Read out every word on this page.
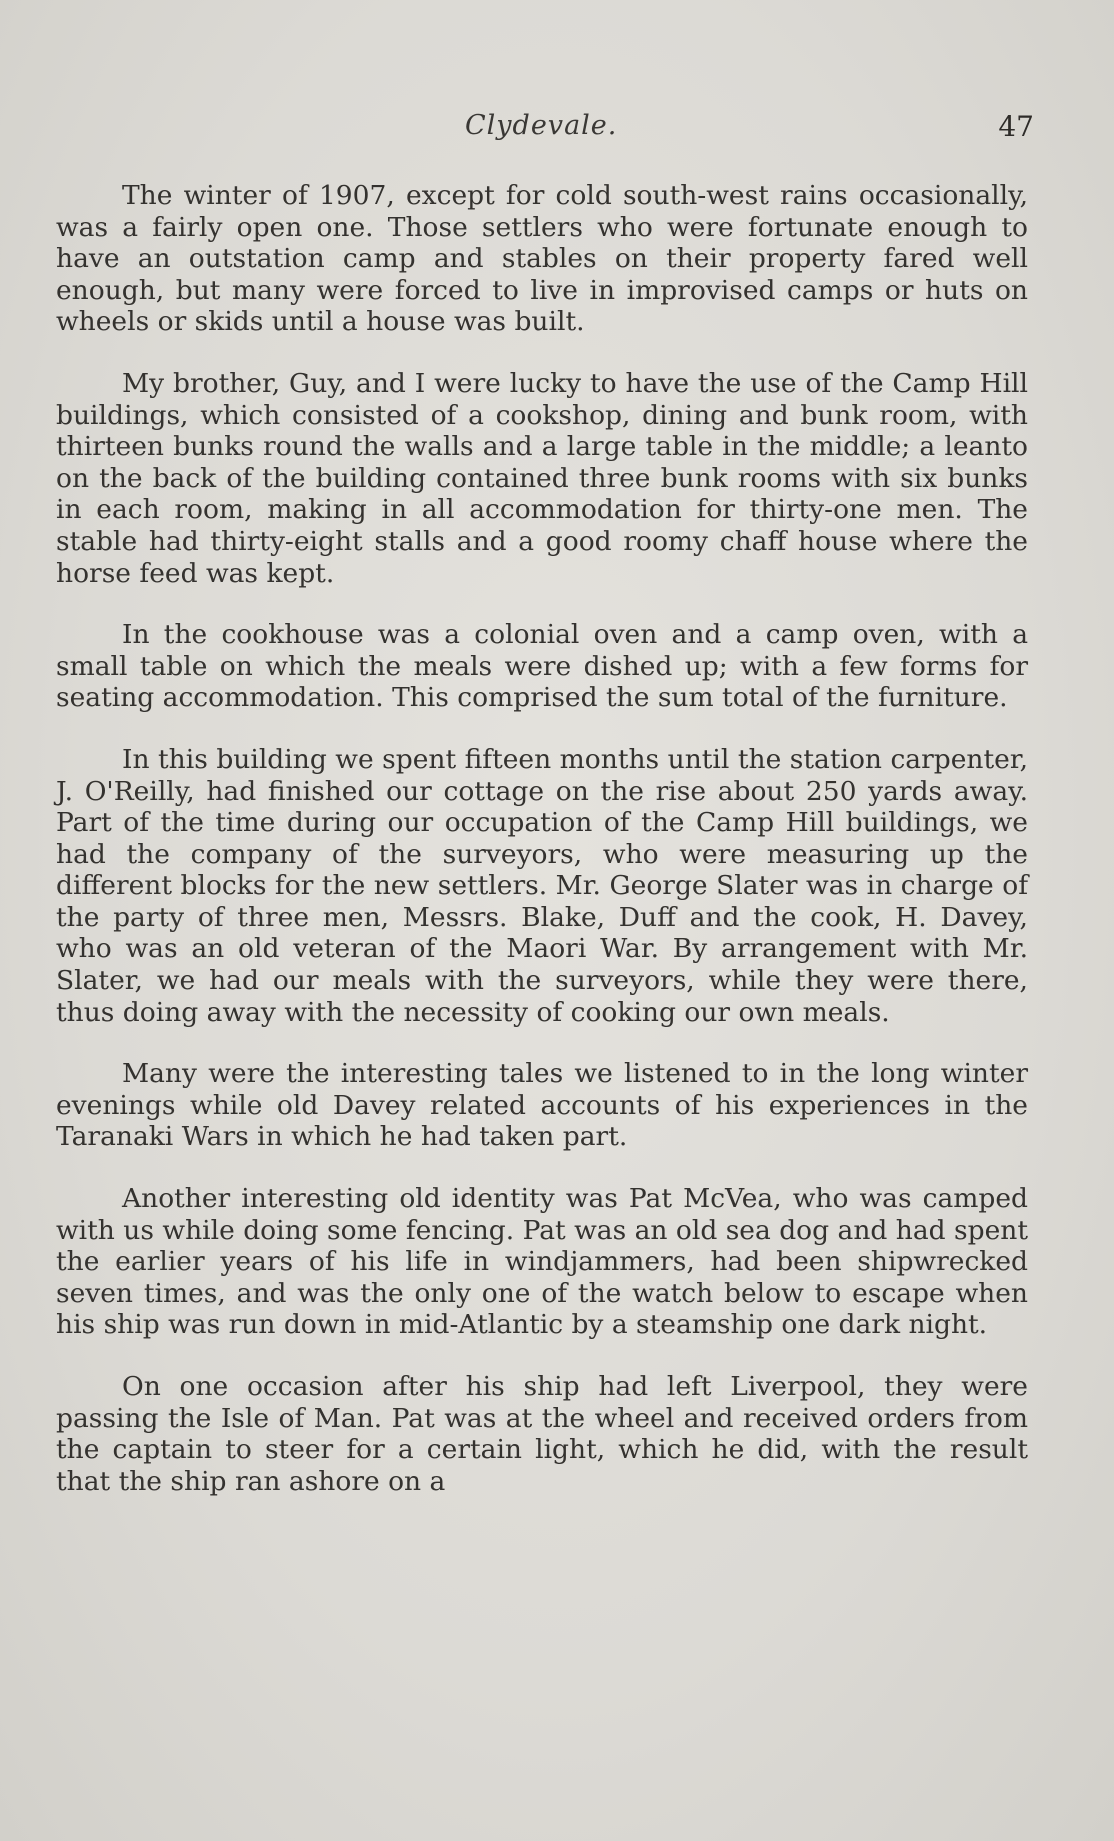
Clydevale.	47

The winter of 1907, except for cold south-west rains occasionally, was a fairly open one. Those settlers who were fortunate enough to have an outstation camp and stables on their property fared well enough, but many were forced to live in improvised camps or huts on wheels or skids until a house was built.

My brother, Guy, and I were lucky to have the use of the Camp Hill buildings, which consisted of a cookshop, dining and bunk room, with thirteen bunks round the walls and a large table in the middle; a leanto on the back of the building contained three bunk rooms with six bunks in each room, making in all accommodation for thirty-one men. The stable had thirty-eight stalls and a good roomy chaff house where the horse feed was kept.

In the cookhouse was a colonial oven and a camp oven, with a small table on which the meals were dished up; with a few forms for seating accommodation. This comprised the sum total of the furniture.

In this building we spent fifteen months until the station carpenter, J. O'Reilly, had finished our cottage on the rise about 250 yards away. Part of the time during our occupation of the Camp Hill buildings, we had the company of the surveyors, who were measuring up the different blocks for the new settlers. Mr. George Slater was in charge of the party of three men, Messrs. Blake, Duff and the cook, H. Davey, who was an old veteran of the Maori War. By arrangement with Mr. Slater, we had our meals with the surveyors, while they were there, thus doing away with the necessity of cooking our own meals.

Many were the interesting tales we listened to in the long winter evenings while old Davey related accounts of his experiences in the Taranaki Wars in which he had taken part.

Another interesting old identity was Pat McVea, who was camped with us while doing some fencing. Pat was an old sea dog and had spent the earlier years of his life in windjammers, had been shipwrecked seven times, and was the only one of the watch below to escape when his ship was run down in mid-Atlantic by a steamship one dark night.

On one occasion after his ship had left Liverpool, they were passing the Isle of Man. Pat was at the wheel and received orders from the captain to steer for a certain light, which he did, with the result that the ship ran ashore on a
